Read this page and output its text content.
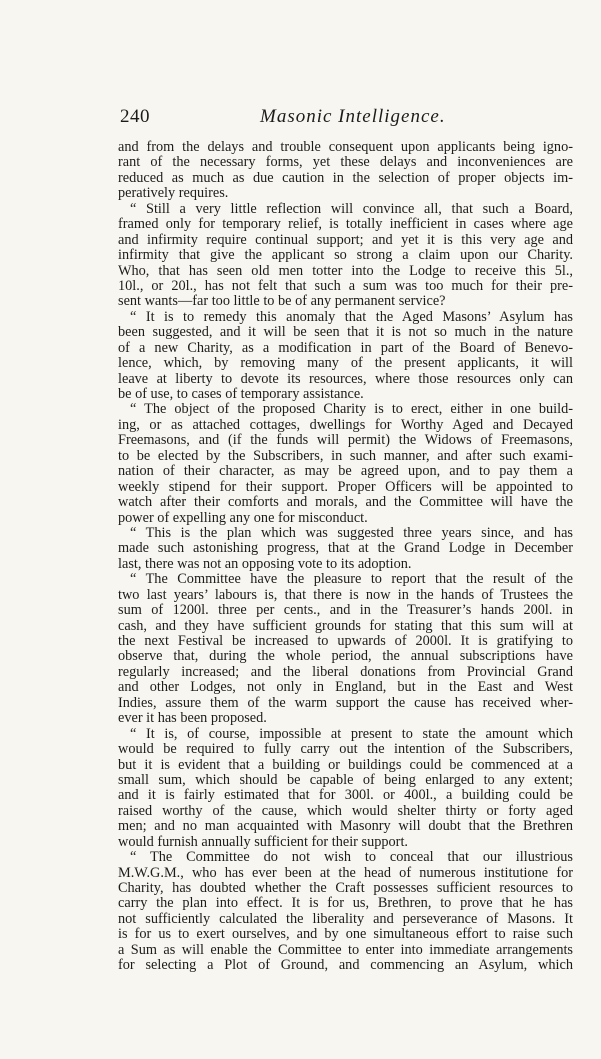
240	Masonic Intelligence.
and from the delays and trouble consequent upon applicants being igno-
rant of the necessary forms, yet these delays and inconveniences are
reduced as much as due caution in the selection of proper objects im-
peratively requires.
“ Still a very little reflection will convince all, that such a Board,
framed only for temporary relief, is totally inefficient in cases where age
and infirmity require continual support; and yet it is this very age and
infirmity that give the applicant so strong a claim upon our Charity.
Who, that has seen old men totter into the Lodge to receive this 5l.,
10l., or 20l., has not felt that such a sum was too much for their pre-
sent wants—far too little to be of any permanent service?
“ It is to remedy this anomaly that the Aged Masons’ Asylum has
been suggested, and it will be seen that it is not so much in the nature
of a new Charity, as a modification in part of the Board of Benevo-
lence, which, by removing many of the present applicants, it will
leave at liberty to devote its resources, where those resources only can
be of use, to cases of temporary assistance.
“ The object of the proposed Charity is to erect, either in one build-
ing, or as attached cottages, dwellings for Worthy Aged and Decayed
Freemasons, and (if the funds will permit) the Widows of Freemasons,
to be elected by the Subscribers, in such manner, and after such exami-
nation of their character, as may be agreed upon, and to pay them a
weekly stipend for their support. Proper Officers will be appointed to
watch after their comforts and morals, and the Committee will have the
power of expelling any one for misconduct.
“ This is the plan which was suggested three years since, and has
made such astonishing progress, that at the Grand Lodge in December
last, there was not an opposing vote to its adoption.
“ The Committee have the pleasure to report that the result of the
two last years’ labours is, that there is now in the hands of Trustees the
sum of 1200l. three per cents., and in the Treasurer’s hands 200l. in
cash, and they have sufficient grounds for stating that this sum will at
the next Festival be increased to upwards of 2000l. It is gratifying to
observe that, during the whole period, the annual subscriptions have
regularly increased; and the liberal donations from Provincial Grand
and other Lodges, not only in England, but in the East and West
Indies, assure them of the warm support the cause has received wher-
ever it has been proposed.
“ It is, of course, impossible at present to state the amount which
would be required to fully carry out the intention of the Subscribers,
but it is evident that a building or buildings could be commenced at a
small sum, which should be capable of being enlarged to any extent;
and it is fairly estimated that for 300l. or 400l., a building could be
raised worthy of the cause, which would shelter thirty or forty aged
men; and no man acquainted with Masonry will doubt that the Brethren
would furnish annually sufficient for their support.
“ The Committee do not wish to conceal that our illustrious
M.W.G.M., who has ever been at the head of numerous institutione for
Charity, has doubted whether the Craft possesses sufficient resources to
carry the plan into effect. It is for us, Brethren, to prove that he has
not sufficiently calculated the liberality and perseverance of Masons. It
is for us to exert ourselves, and by one simultaneous effort to raise such
a Sum as will enable the Committee to enter into immediate arrangements
for selecting a Plot of Ground, and commencing an Asylum, which
